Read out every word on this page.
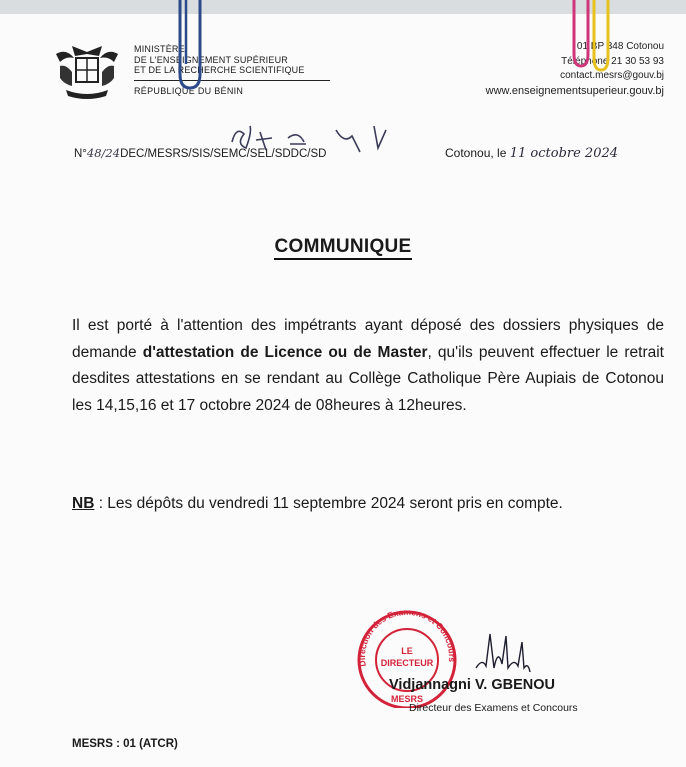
MINISTÈRE
DE L'ENSEIGNEMENT SUPÉRIEUR
ET DE LA RECHERCHE SCIENTIFIQUE
RÉPUBLIQUE DU BÉNIN
01 BP 348 Cotonou
Téléphone 21 30 53 93
contact.mesrs@gouv.bj
www.enseignementsuperieur.gouv.bj
N°48/24DEC/MESRS/SIS/SEMC/SEL/SDDC/SD	Cotonou, le 11 octobre 2024
COMMUNIQUE
Il est porté à l'attention des impétrants ayant déposé des dossiers physiques de demande d'attestation de Licence ou de Master, qu'ils peuvent effectuer le retrait desdites attestations en se rendant au Collège Catholique Père Aupiais de Cotonou les 14,15,16 et 17 octobre 2024 de 08heures à 12heures.
NB : Les dépôts du vendredi 11 septembre 2024 seront pris en compte.
Direction des Examens et Concours
LE
DIRECTEUR
MESRS
Vidjannagni V. GBENOU
Directeur des Examens et Concours
MESRS : 01 (ATCR)
